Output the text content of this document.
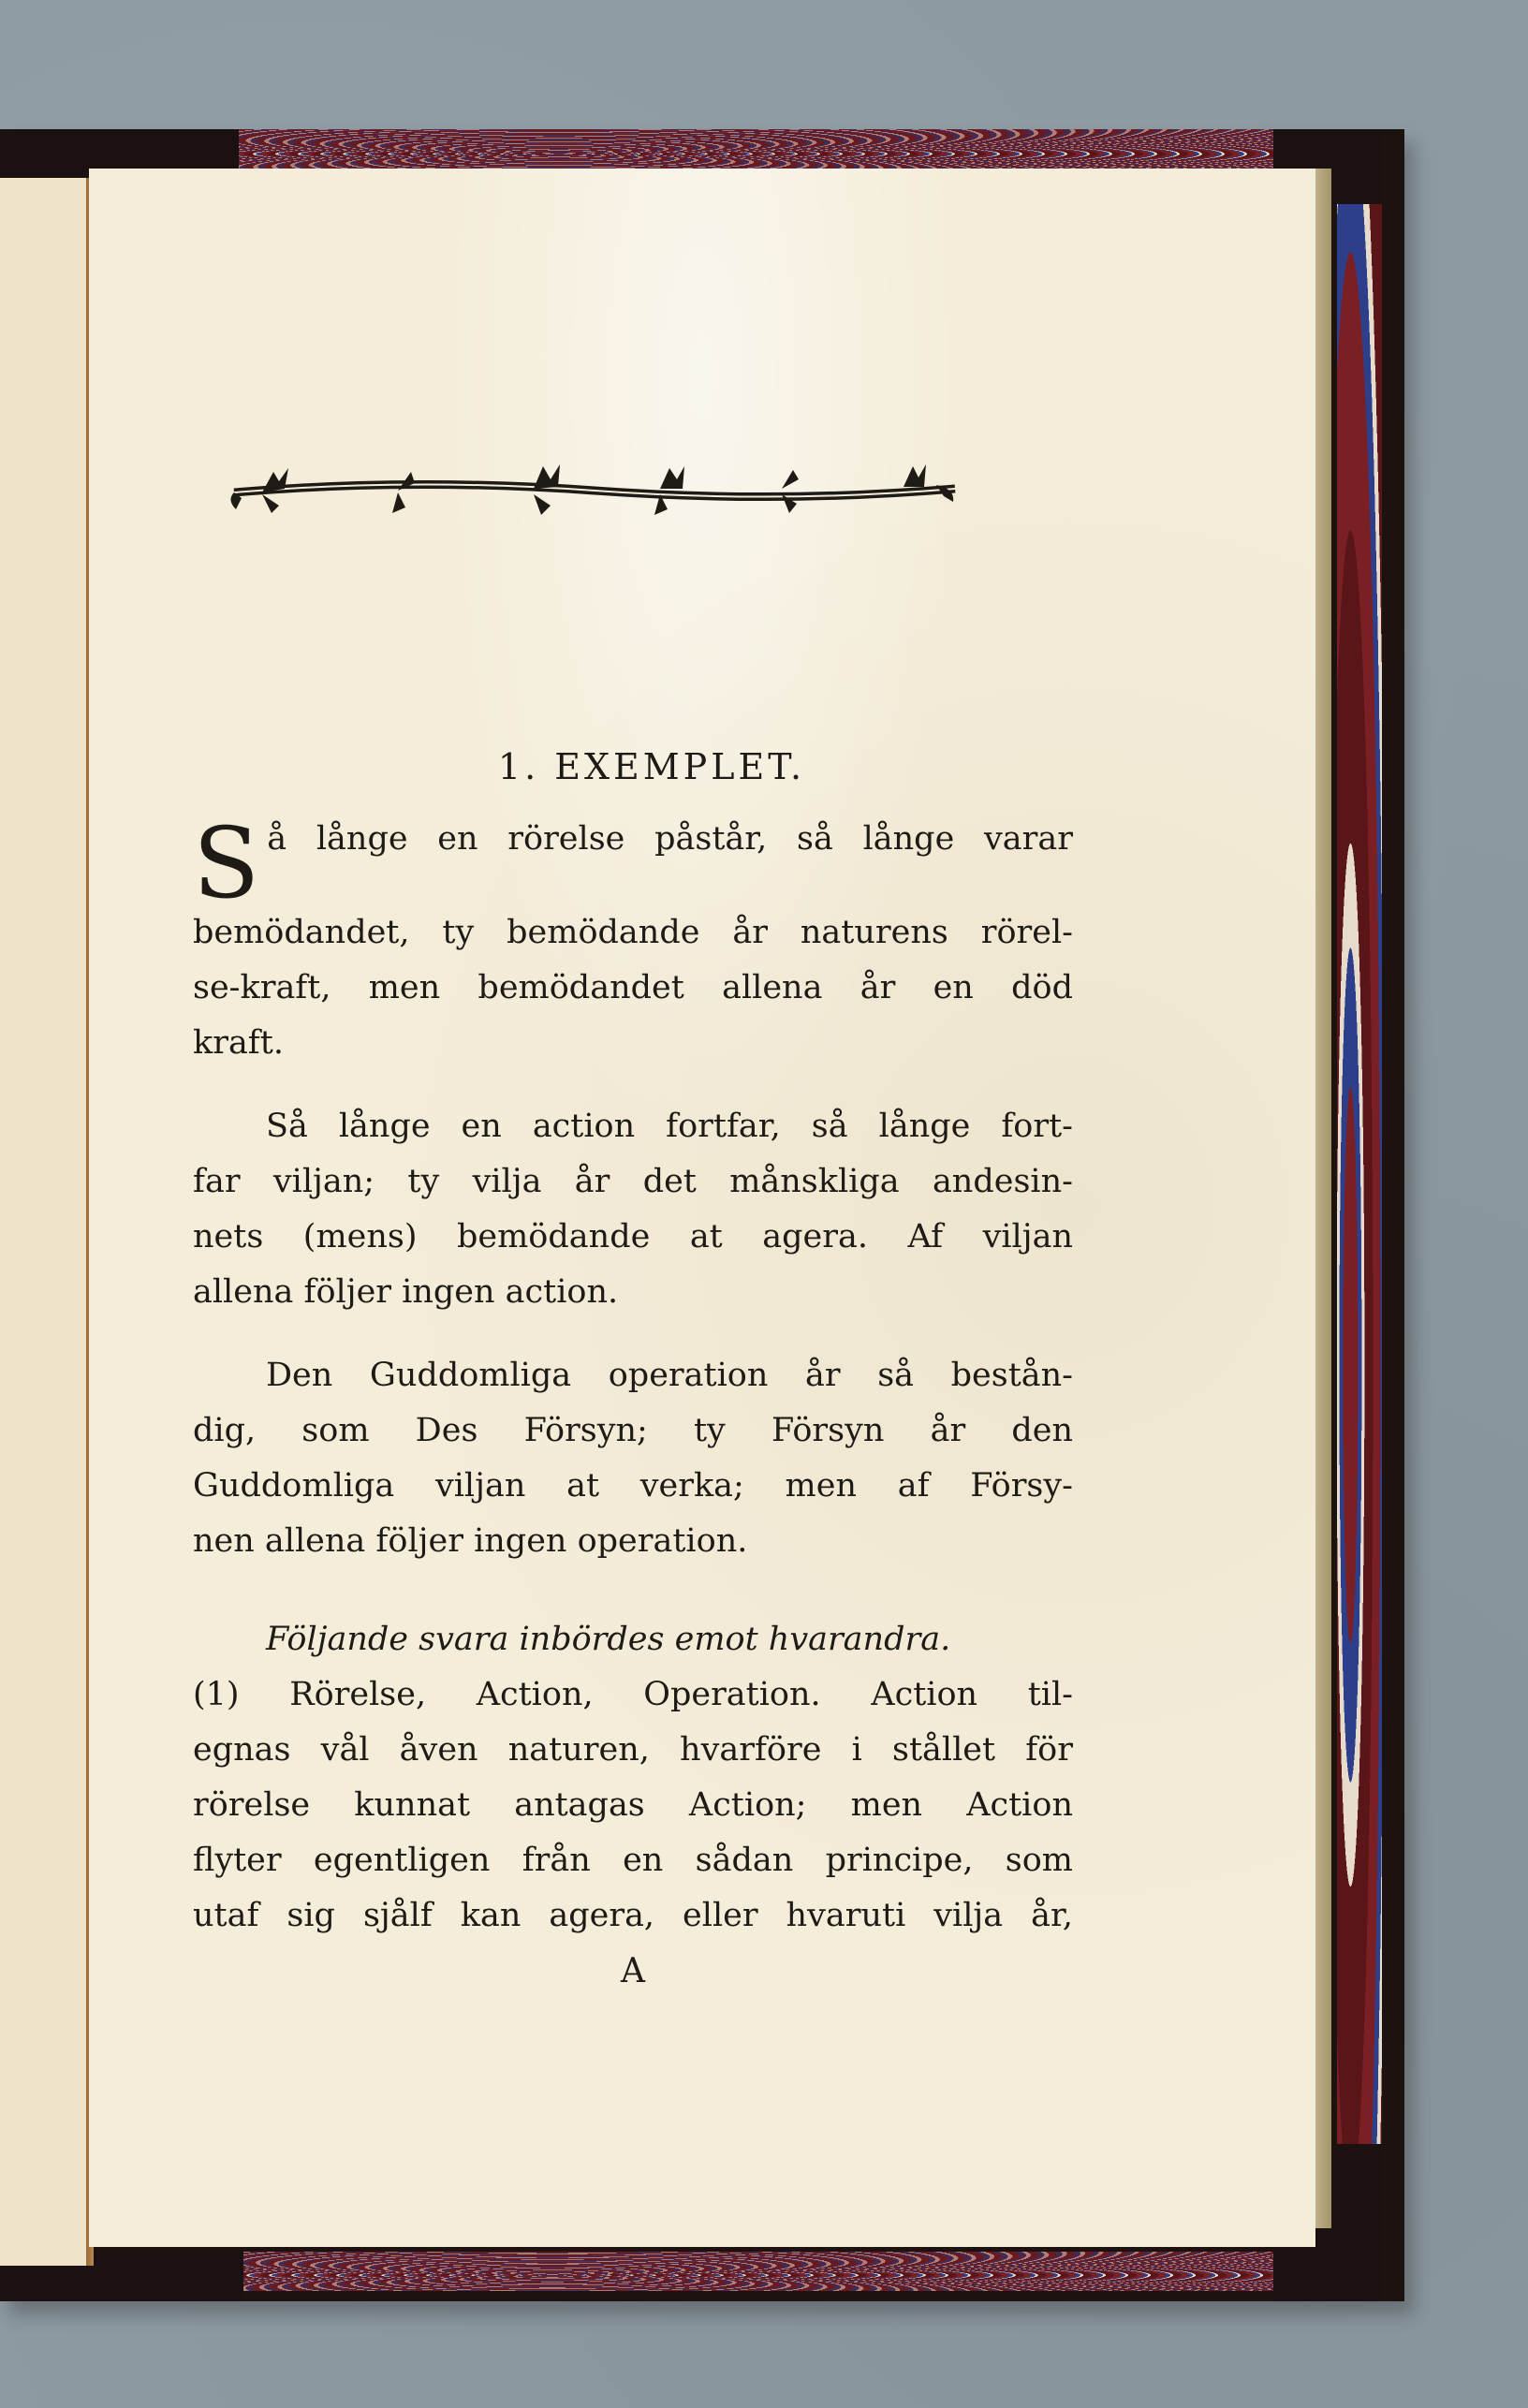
1. EXEMPLET.
S å långe en rörelse påstår, så långe varar
bemödandet, ty bemödande år naturens rörel-
se-kraft, men bemödandet allena år en död
kraft.
Så långe en action fortfar, så långe fort-
far viljan; ty vilja år det månskliga andesin-
nets (mens) bemödande at agera. Af viljan
allena följer ingen action.
Den Guddomliga operation år så bestån-
dig, som Des Försyn; ty Försyn år den
Guddomliga viljan at verka; men af Försy-
nen allena följer ingen operation.
Följande svara inbördes emot hvarandra.
(1) Rörelse, Action, Operation. Action til-
egnas vål åven naturen, hvarföre i stållet för
rörelse kunnat antagas Action; men Action
flyter egentligen från en sådan principe, som
utaf sig sjålf kan agera, eller hvaruti vilja år,
A
